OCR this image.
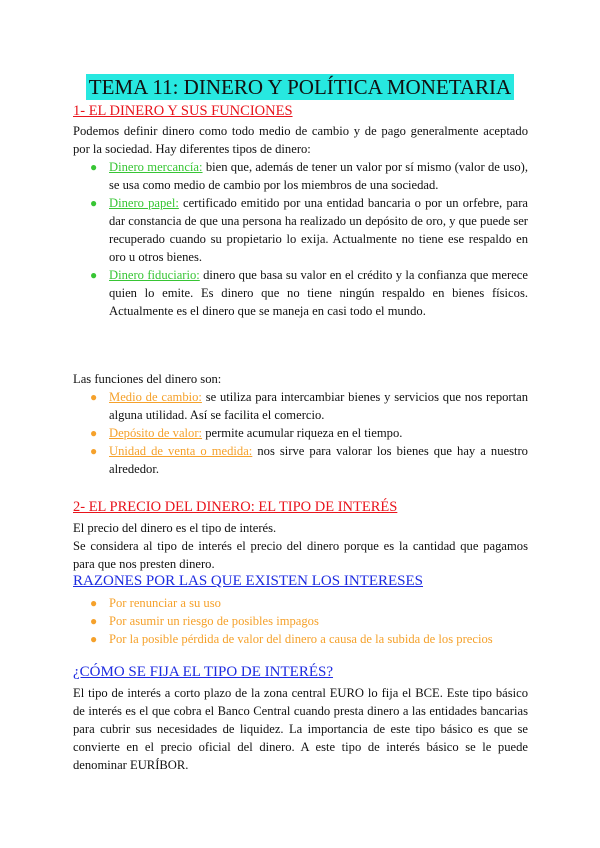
TEMA 11: DINERO Y POLÍTICA MONETARIA
1- EL DINERO Y SUS FUNCIONES
Podemos definir dinero como todo medio de cambio y de pago generalmente aceptado por la sociedad. Hay diferentes tipos de dinero:
● Dinero mercancía: bien que, además de tener un valor por sí mismo (valor de uso), se usa como medio de cambio por los miembros de una sociedad.
● Dinero papel: certificado emitido por una entidad bancaria o por un orfebre, para dar constancia de que una persona ha realizado un depósito de oro, y que puede ser recuperado cuando su propietario lo exija. Actualmente no tiene ese respaldo en oro u otros bienes.
● Dinero fiduciario: dinero que basa su valor en el crédito y la confianza que merece quien lo emite. Es dinero que no tiene ningún respaldo en bienes físicos. Actualmente es el dinero que se maneja en casi todo el mundo.
Las funciones del dinero son:
● Medio de cambio: se utiliza para intercambiar bienes y servicios que nos reportan alguna utilidad. Así se facilita el comercio.
● Depósito de valor: permite acumular riqueza en el tiempo.
● Unidad de venta o medida: nos sirve para valorar los bienes que hay a nuestro alrededor.
2- EL PRECIO DEL DINERO: EL TIPO DE INTERÉS
El precio del dinero es el tipo de interés.
Se considera al tipo de interés el precio del dinero porque es la cantidad que pagamos para que nos presten dinero.
RAZONES POR LAS QUE EXISTEN LOS INTERESES
● Por renunciar a su uso
● Por asumir un riesgo de posibles impagos
● Por la posible pérdida de valor del dinero a causa de la subida de los precios
¿CÓMO SE FIJA EL TIPO DE INTERÉS?
El tipo de interés a corto plazo de la zona central EURO lo fija el BCE. Este tipo básico de interés es el que cobra el Banco Central cuando presta dinero a las entidades bancarias para cubrir sus necesidades de liquidez. La importancia de este tipo básico es que se convierte en el precio oficial del dinero. A este tipo de interés básico se le puede denominar EURÍBOR.
